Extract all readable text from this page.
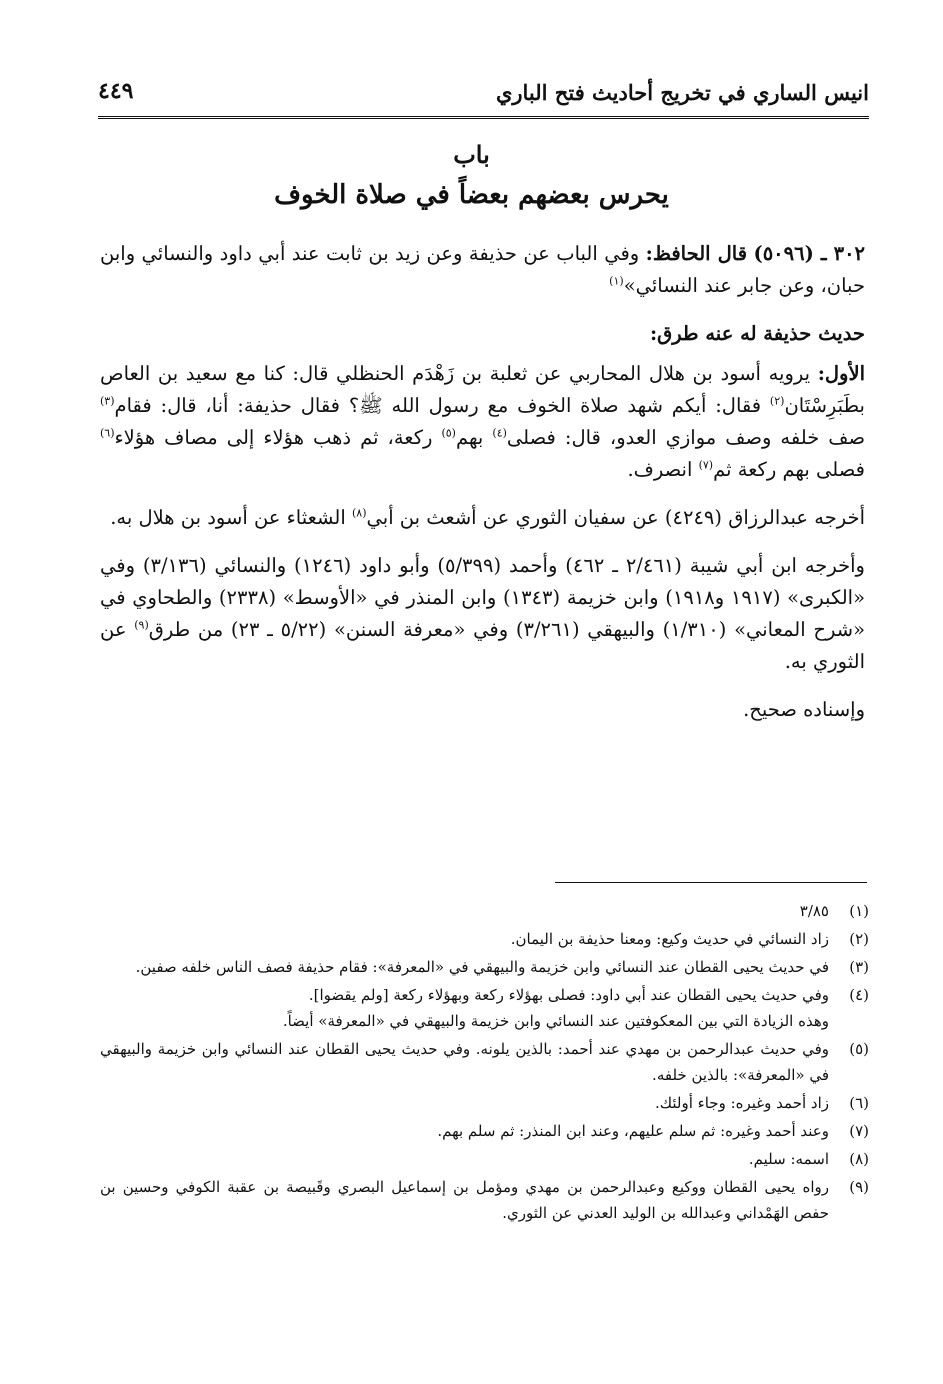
انيس الساري في تخريج أحاديث فتح الباري
٤٤٩
باب
يحرس بعضهم بعضاً في صلاة الخوف

٣٠٢ ـ (٥٠٩٦) قال الحافظ: وفي الباب عن حذيفة وعن زيد بن ثابت عند أبي داود والنسائي وابن حبان، وعن جابر عند النسائي»$^{(١)}$

حديث حذيفة له عنه طرق:

الأول: يرويه أسود بن هلال المحاربي عن ثعلبة بن زَهْدَم الحنظلي قال: كنا مع سعيد بن العاص بطَبَرِسْتَان$^{(٢)}$ فقال: أيكم شهد صلاة الخوف مع رسول الله ﷺ؟ فقال حذيفة: أنا، قال: فقام$^{(٣)}$ صف خلفه وصف موازي العدو، قال: فصلى$^{(٤)}$ بهم$^{(٥)}$ ركعة، ثم ذهب هؤلاء إلى مصاف هؤلاء$^{(٦)}$ فصلى بهم ركعة ثم$^{(٧)}$ انصرف.

أخرجه عبدالرزاق (٤٢٤٩) عن سفيان الثوري عن أشعث بن أبي$^{(٨)}$ الشعثاء عن أسود بن هلال به.

وأخرجه ابن أبي شيبة (٢/٤٦١ ـ ٤٦٢) وأحمد (٥/٣٩٩) وأبو داود (١٢٤٦) والنسائي (٣/١٣٦) وفي «الكبرى» (١٩١٧ و١٩١٨) وابن خزيمة (١٣٤٣) وابن المنذر في «الأوسط» (٢٣٣٨) والطحاوي في «شرح المعاني» (١/٣١٠) والبيهقي (٣/٢٦١) وفي «معرفة السنن» (٥/٢٢ ـ ٢٣) من طرق$^{(٩)}$ عن الثوري به.

وإسناده صحيح.

(١)
٣/٨٥
(٢)
زاد النسائي في حديث وكيع: ومعنا حذيفة بن اليمان.
(٣)
في حديث يحيى القطان عند النسائي وابن خزيمة والبيهقي في «المعرفة»: فقام حذيفة فصف الناس خلفه صفين.
(٤)
وفي حديث يحيى القطان عند أبي داود: فصلى بهؤلاء ركعة وبهؤلاء ركعة [ولم يقضوا].
وهذه الزيادة التي بين المعكوفتين عند النسائي وابن خزيمة والبيهقي في «المعرفة» أيضاً.
(٥)
وفي حديث عبدالرحمن بن مهدي عند أحمد: بالذين يلونه. وفي حديث يحيى القطان عند النسائي وابن خزيمة والبيهقي في «المعرفة»: بالذين خلفه.
(٦)
زاد أحمد وغيره: وجاء أولئك.
(٧)
وعند أحمد وغيره: ثم سلم عليهم، وعند ابن المنذر: ثم سلم بهم.
(٨)
اسمه: سليم.
(٩)
رواه يحيى القطان ووكيع وعبدالرحمن بن مهدي ومؤمل بن إسماعيل البصري وقَبيصة بن عقبة الكوفي وحسين بن حفص الهَمْداني وعبدالله بن الوليد العدني عن الثوري.
